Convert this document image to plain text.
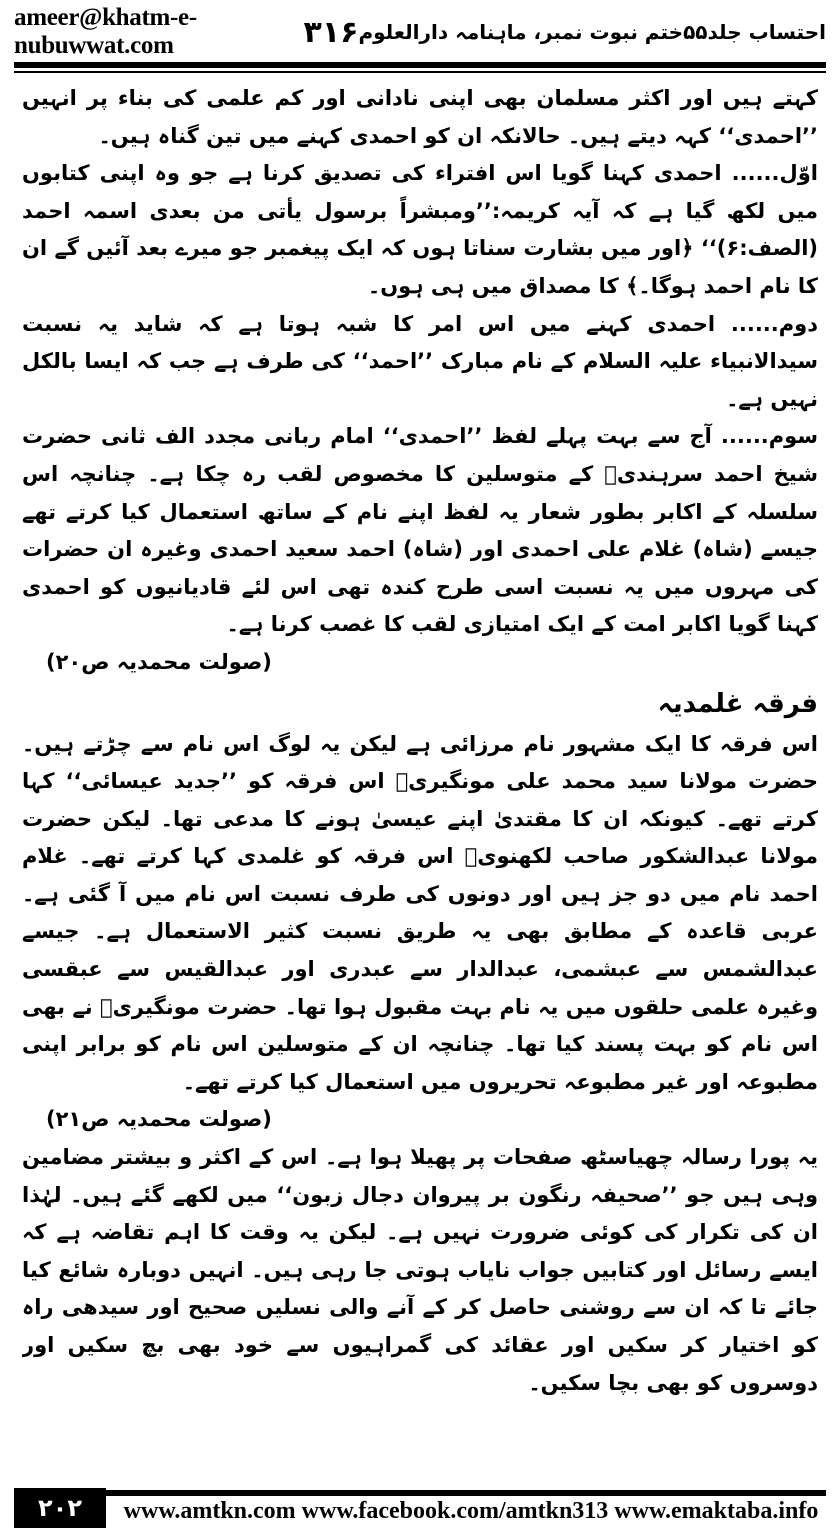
ameer@khatm-e-nubuwwat.com	۳۱۶ احتساب جلد۵۵ختم نبوت نمبر، ماہنامہ دارالعلوم

کہتے ہیں اور اکثر مسلمان بھی اپنی نادانی اور کم علمی کی بناء پر انہیں ’’احمدی‘‘ کہہ دیتے ہیں۔ حالانکہ ان کو احمدی کہنے میں تین گناہ ہیں۔

اوّل...... احمدی کہنا گویا اس افتراء کی تصدیق کرنا ہے جو وہ اپنی کتابوں میں لکھ گیا ہے کہ آیہ کریمہ:’’ومبشراً برسول یأتی من بعدی اسمہ احمد (الصف:۶)‘‘ ﴿اور میں بشارت سناتا ہوں کہ ایک پیغمبر جو میرے بعد آئیں گے ان کا نام احمد ہوگا۔﴾ کا مصداق میں ہی ہوں۔

دوم...... احمدی کہنے میں اس امر کا شبہ ہوتا ہے کہ شاید یہ نسبت سیدالانبیاء علیہ السلام کے نام مبارک ’’احمد‘‘ کی طرف ہے جب کہ ایسا بالکل نہیں ہے۔

سوم...... آج سے بہت پہلے لفظ ’’احمدی‘‘ امام ربانی مجدد الف ثانی حضرت شیخ احمد سرہندیؒ کے متوسلین کا مخصوص لقب رہ چکا ہے۔ چنانچہ اس سلسلہ کے اکابر بطور شعار یہ لفظ اپنے نام کے ساتھ استعمال کیا کرتے تھے جیسے (شاہ) غلام علی احمدی اور (شاہ) احمد سعید احمدی وغیرہ ان حضرات کی مہروں میں یہ نسبت اسی طرح کندہ تھی اس لئے قادیانیوں کو احمدی کہنا گویا اکابر امت کے ایک امتیازی لقب کا غصب کرنا ہے۔

(صولت محمدیہ ص۲۰)

فرقہ غلمدیہ

اس فرقہ کا ایک مشہور نام مرزائی ہے لیکن یہ لوگ اس نام سے چڑتے ہیں۔ حضرت مولانا سید محمد علی مونگیریؒ اس فرقہ کو ’’جدید عیسائی‘‘ کہا کرتے تھے۔ کیونکہ ان کا مقتدیٰ اپنے عیسیٰ ہونے کا مدعی تھا۔ لیکن حضرت مولانا عبدالشکور صاحب لکھنویؒ اس فرقہ کو غلمدی کہا کرتے تھے۔ غلام احمد نام میں دو جز ہیں اور دونوں کی طرف نسبت اس نام میں آ گئی ہے۔ عربی قاعدہ کے مطابق بھی یہ طریق نسبت کثیر الاستعمال ہے۔ جیسے عبدالشمس سے عبشمی، عبدالدار سے عبدری اور عبدالقیس سے عبقسی وغیرہ علمی حلقوں میں یہ نام بہت مقبول ہوا تھا۔ حضرت مونگیریؒ نے بھی اس نام کو بہت پسند کیا تھا۔ چنانچہ ان کے متوسلین اس نام کو برابر اپنی مطبوعہ اور غیر مطبوعہ تحریروں میں استعمال کیا کرتے تھے۔

(صولت محمدیہ ص۲۱)

یہ پورا رسالہ چھیاسٹھ صفحات پر پھیلا ہوا ہے۔ اس کے اکثر و بیشتر مضامین وہی ہیں جو ’’صحیفہ رنگون بر پیروان دجال زبون‘‘ میں لکھے گئے ہیں۔ لہٰذا ان کی تکرار کی کوئی ضرورت نہیں ہے۔ لیکن یہ وقت کا اہم تقاضہ ہے کہ ایسے رسائل اور کتابیں جواب نایاب ہوتی جا رہی ہیں۔ انہیں دوبارہ شائع کیا جائے تا کہ ان سے روشنی حاصل کر کے آنے والی نسلیں صحیح اور سیدھی راہ کو اختیار کر سکیں اور عقائد کی گمراہیوں سے خود بھی بچ سکیں اور دوسروں کو بھی بچا سکیں۔

۲۰۲	www.amtkn.com www.facebook.com/amtkn313 www.emaktaba.info
